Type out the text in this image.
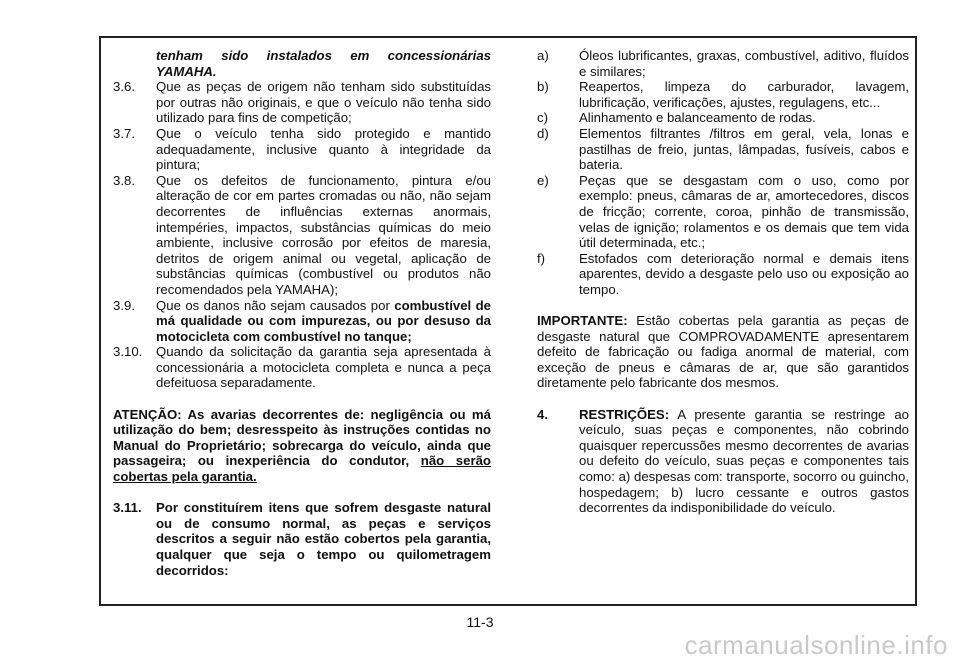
tenham sido instalados em concessionárias YAMAHA.
3.6.	Que as peças de origem não tenham sido substituídas por outras não originais, e que o veículo não tenha sido utilizado para fins de competição;
3.7.	Que o veículo tenha sido protegido e mantido adequadamente, inclusive quanto à integridade da pintura;
3.8.	Que os defeitos de funcionamento, pintura e/ou alteração de cor em partes cromadas ou não, não sejam decorrentes de influências externas anormais, intempéries, impactos, substâncias químicas do meio ambiente, inclusive corrosão por efeitos de maresia, detritos de origem animal ou vegetal, aplicação de substâncias químicas (combustível ou produtos não recomendados pela YAMAHA);
3.9.	Que os danos não sejam causados por combustível de má qualidade ou com impurezas, ou por desuso da motocicleta com combustível no tanque;
3.10.	Quando da solicitação da garantia seja apresentada à concessionária a motocicleta completa e nunca a peça defeituosa separadamente.
ATENÇÃO: As avarias decorrentes de: negligência ou má utilização do bem; desresspeito às instruções contidas no Manual do Proprietário; sobrecarga do veículo, ainda que passageira; ou inexperiência do condutor, não serão cobertas pela garantia.
3.11.	Por constituírem itens que sofrem desgaste natural ou de consumo normal, as peças e serviços descritos a seguir não estão cobertos pela garantia, qualquer que seja o tempo ou quilometragem decorridos:
a)	Óleos lubrificantes, graxas, combustível, aditivo, fluídos e similares;
b)	Reapertos, limpeza do carburador, lavagem, lubrificação, verificações, ajustes, regulagens, etc...
c)	Alinhamento e balanceamento de rodas.
d)	Elementos filtrantes /filtros em geral, vela, lonas e pastilhas de freio, juntas, lâmpadas, fusíveis, cabos e bateria.
e)	Peças que se desgastam com o uso, como por exemplo: pneus, câmaras de ar, amortecedores, discos de fricção; corrente, coroa, pinhão de transmissão, velas de ignição; rolamentos e os demais que tem vida útil determinada, etc.;
f)	Estofados com deterioração normal e demais itens aparentes, devido a desgaste pelo uso ou exposição ao tempo.
IMPORTANTE: Estão cobertas pela garantia as peças de desgaste natural que COMPROVADAMENTE apresentarem defeito de fabricação ou fadiga anormal de material, com exceção de pneus e câmaras de ar, que são garantidos diretamente pelo fabricante dos mesmos.
4.	RESTRIÇÕES: A presente garantia se restringe ao veículo, suas peças e componentes, não cobrindo quaisquer repercussões mesmo decorrentes de avarias ou defeito do veículo, suas peças e componentes tais como: a) despesas com: transporte, socorro ou guincho, hospedagem; b) lucro cessante e outros gastos decorrentes da indisponibilidade do veículo.
11-3
carmanualsonline.info
